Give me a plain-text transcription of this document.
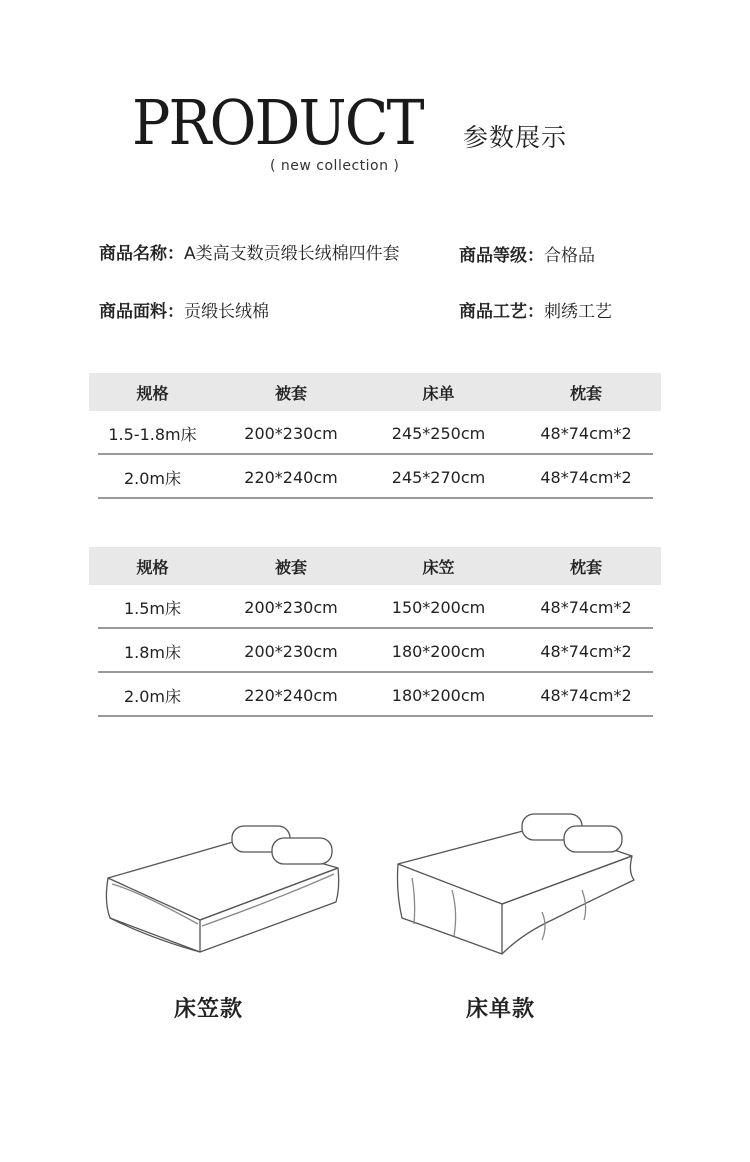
PRODUCT
( new collection )
参数展示
商品名称：A类高支数贡缎长绒棉四件套	商品等级：合格品
商品面料：贡缎长绒棉	商品工艺：刺绣工艺
规格	被套	床单	枕套
1.5-1.8m床	200*230cm	245*250cm	48*74cm*2
2.0m床	220*240cm	245*270cm	48*74cm*2
规格	被套	床笠	枕套
1.5m床	200*230cm	150*200cm	48*74cm*2
1.8m床	200*230cm	180*200cm	48*74cm*2
2.0m床	220*240cm	180*200cm	48*74cm*2
床笠款	床单款
